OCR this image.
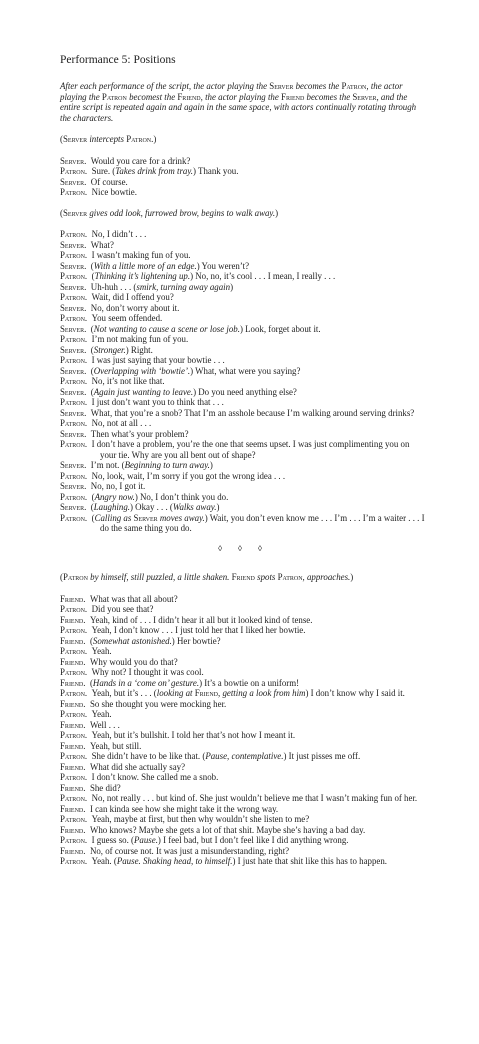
Performance 5: Positions
After each performance of the script, the actor playing the Server becomes the Patron, the actor playing the Patron becomest the Friend, the actor playing the Friend becomes the Server, and the entire script is repeated again and again in the same space, with actors continually rotating through the characters.
(Server intercepts Patron.)
Server.  Would you care for a drink?
Patron.  Sure. (Takes drink from tray.) Thank you.
Server.  Of course.
Patron.  Nice bowtie.
(Server gives odd look, furrowed brow, begins to walk away.)
Patron.  No, I didn’t . . .
Server.  What?
Patron.  I wasn’t making fun of you.
Server.  (With a little more of an edge.) You weren’t?
Patron.  (Thinking it’s lightening up.) No, no, it’s cool . . . I mean, I really . . .
Server.  Uh-huh . . . (smirk, turning away again)
Patron.  Wait, did I offend you?
Server.  No, don’t worry about it.
Patron.  You seem offended.
Server.  (Not wanting to cause a scene or lose job.) Look, forget about it.
Patron.  I’m not making fun of you.
Server.  (Stronger.) Right.
Patron.  I was just saying that your bowtie . . .
Server.  (Overlapping with ‘bowtie’.) What, what were you saying?
Patron.  No, it’s not like that.
Server.  (Again just wanting to leave.) Do you need anything else?
Patron.  I just don’t want you to think that . . .
Server.  What, that you’re a snob? That I’m an asshole because I’m walking around serving drinks?
Patron.  No, not at all . . .
Server.  Then what’s your problem?
Patron.  I don’t have a problem, you’re the one that seems upset. I was just complimenting you on your tie. Why are you all bent out of shape?
Server.  I’m not. (Beginning to turn away.)
Patron.  No, look, wait, I’m sorry if you got the wrong idea . . .
Server.  No, no, I got it.
Patron.  (Angry now.) No, I don’t think you do.
Server.  (Laughing.) Okay . . . (Walks away.)
Patron.  (Calling as Server moves away.) Wait, you don’t even know me . . . I’m . . . I’m a waiter . . . I do the same thing you do.
◊ ◊ ◊
(Patron by himself, still puzzled, a little shaken. Friend spots Patron, approaches.)
Friend.  What was that all about?
Patron.  Did you see that?
Friend.  Yeah, kind of . . . I didn’t hear it all but it looked kind of tense.
Patron.  Yeah, I don’t know . . . I just told her that I liked her bowtie.
Friend.  (Somewhat astonished.) Her bowtie?
Patron.  Yeah.
Friend.  Why would you do that?
Patron.  Why not? I thought it was cool.
Friend.  (Hands in a ‘come on’ gesture.) It’s a bowtie on a uniform!
Patron.  Yeah, but it’s . . . (looking at Friend, getting a look from him) I don’t know why I said it.
Friend.  So she thought you were mocking her.
Patron.  Yeah.
Friend.  Well . . .
Patron.  Yeah, but it’s bullshit. I told her that’s not how I meant it.
Friend.  Yeah, but still.
Patron.  She didn’t have to be like that. (Pause, contemplative.) It just pisses me off.
Friend.  What did she actually say?
Patron.  I don’t know. She called me a snob.
Friend.  She did?
Patron.  No, not really . . . but kind of. She just wouldn’t believe me that I wasn’t making fun of her.
Friend.  I can kinda see how she might take it the wrong way.
Patron.  Yeah, maybe at first, but then why wouldn’t she listen to me?
Friend.  Who knows? Maybe she gets a lot of that shit. Maybe she’s having a bad day.
Patron.  I guess so. (Pause.) I feel bad, but I don’t feel like I did anything wrong.
Friend.  No, of course not. It was just a misunderstanding, right?
Patron.  Yeah. (Pause. Shaking head, to himself.) I just hate that shit like this has to happen.
